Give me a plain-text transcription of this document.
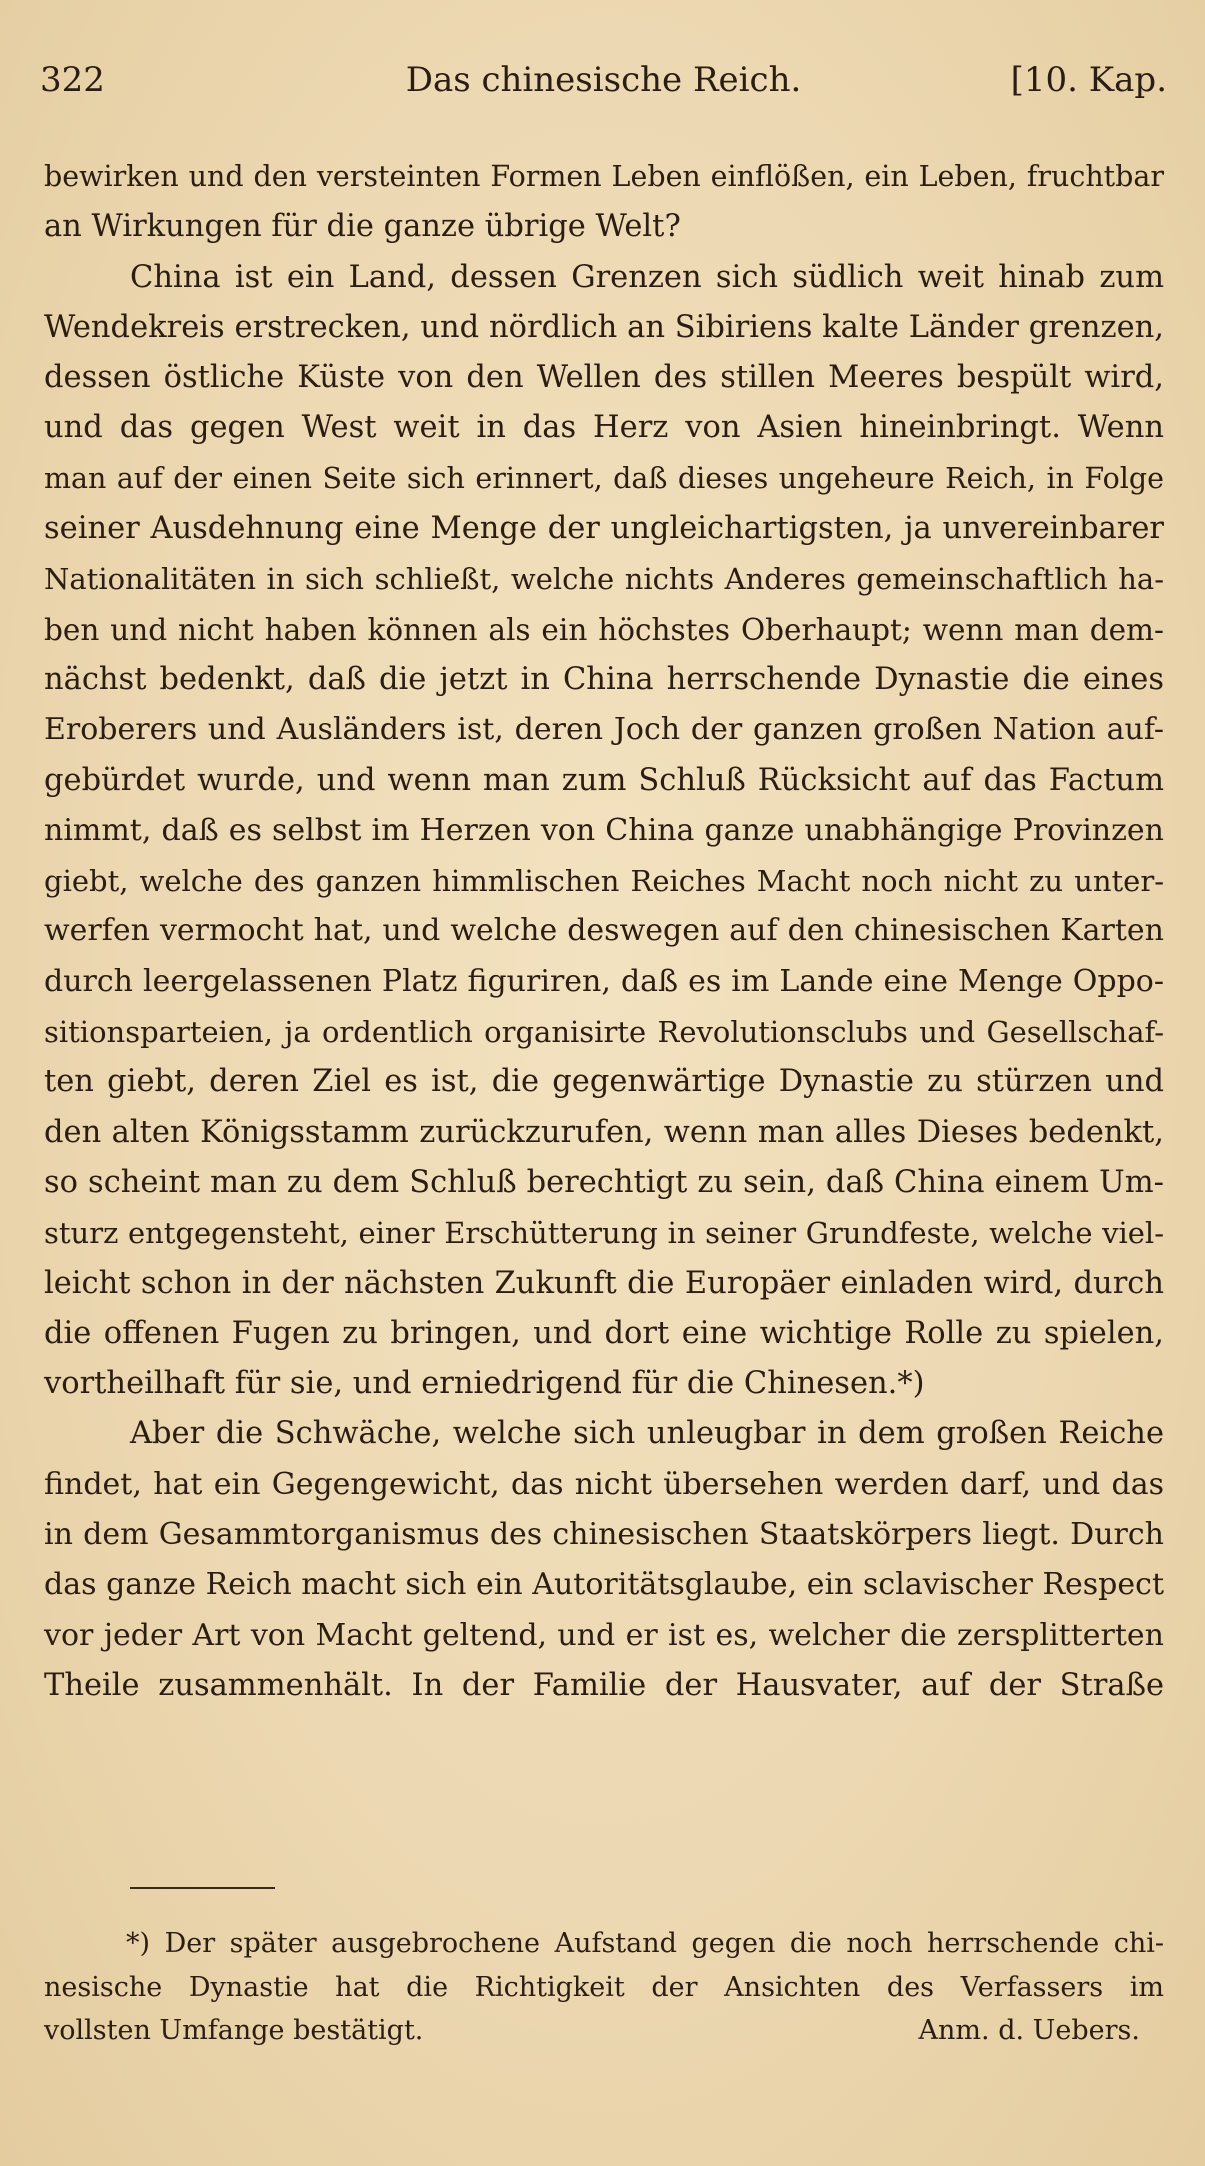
322	Das chinesische Reich.	[10. Kap.
bewirken und den versteinten Formen Leben einflößen, ein Leben, fruchtbar
an Wirkungen für die ganze übrige Welt?
China ist ein Land, dessen Grenzen sich südlich weit hinab zum
Wendekreis erstrecken, und nördlich an Sibiriens kalte Länder grenzen,
dessen östliche Küste von den Wellen des stillen Meeres bespült wird,
und das gegen West weit in das Herz von Asien hineinbringt. Wenn
man auf der einen Seite sich erinnert, daß dieses ungeheure Reich, in Folge
seiner Ausdehnung eine Menge der ungleichartigsten, ja unvereinbarer
Nationalitäten in sich schließt, welche nichts Anderes gemeinschaftlich ha-
ben und nicht haben können als ein höchstes Oberhaupt; wenn man dem-
nächst bedenkt, daß die jetzt in China herrschende Dynastie die eines
Eroberers und Ausländers ist, deren Joch der ganzen großen Nation auf-
gebürdet wurde, und wenn man zum Schluß Rücksicht auf das Factum
nimmt, daß es selbst im Herzen von China ganze unabhängige Provinzen
giebt, welche des ganzen himmlischen Reiches Macht noch nicht zu unter-
werfen vermocht hat, und welche deswegen auf den chinesischen Karten
durch leergelassenen Platz figuriren, daß es im Lande eine Menge Oppo-
sitionsparteien, ja ordentlich organisirte Revolutionsclubs und Gesellschaf-
ten giebt, deren Ziel es ist, die gegenwärtige Dynastie zu stürzen und
den alten Königsstamm zurückzurufen, wenn man alles Dieses bedenkt,
so scheint man zu dem Schluß berechtigt zu sein, daß China einem Um-
sturz entgegensteht, einer Erschütterung in seiner Grundfeste, welche viel-
leicht schon in der nächsten Zukunft die Europäer einladen wird, durch
die offenen Fugen zu bringen, und dort eine wichtige Rolle zu spielen,
vortheilhaft für sie, und erniedrigend für die Chinesen.*)
Aber die Schwäche, welche sich unleugbar in dem großen Reiche
findet, hat ein Gegengewicht, das nicht übersehen werden darf, und das
in dem Gesammtorganismus des chinesischen Staatskörpers liegt. Durch
das ganze Reich macht sich ein Autoritätsglaube, ein sclavischer Respect
vor jeder Art von Macht geltend, und er ist es, welcher die zersplitterten
Theile zusammenhält. In der Familie der Hausvater, auf der Straße
*) Der später ausgebrochene Aufstand gegen die noch herrschende chi-
nesische Dynastie hat die Richtigkeit der Ansichten des Verfassers im
vollsten Umfange bestätigt.	Anm. d. Uebers.
